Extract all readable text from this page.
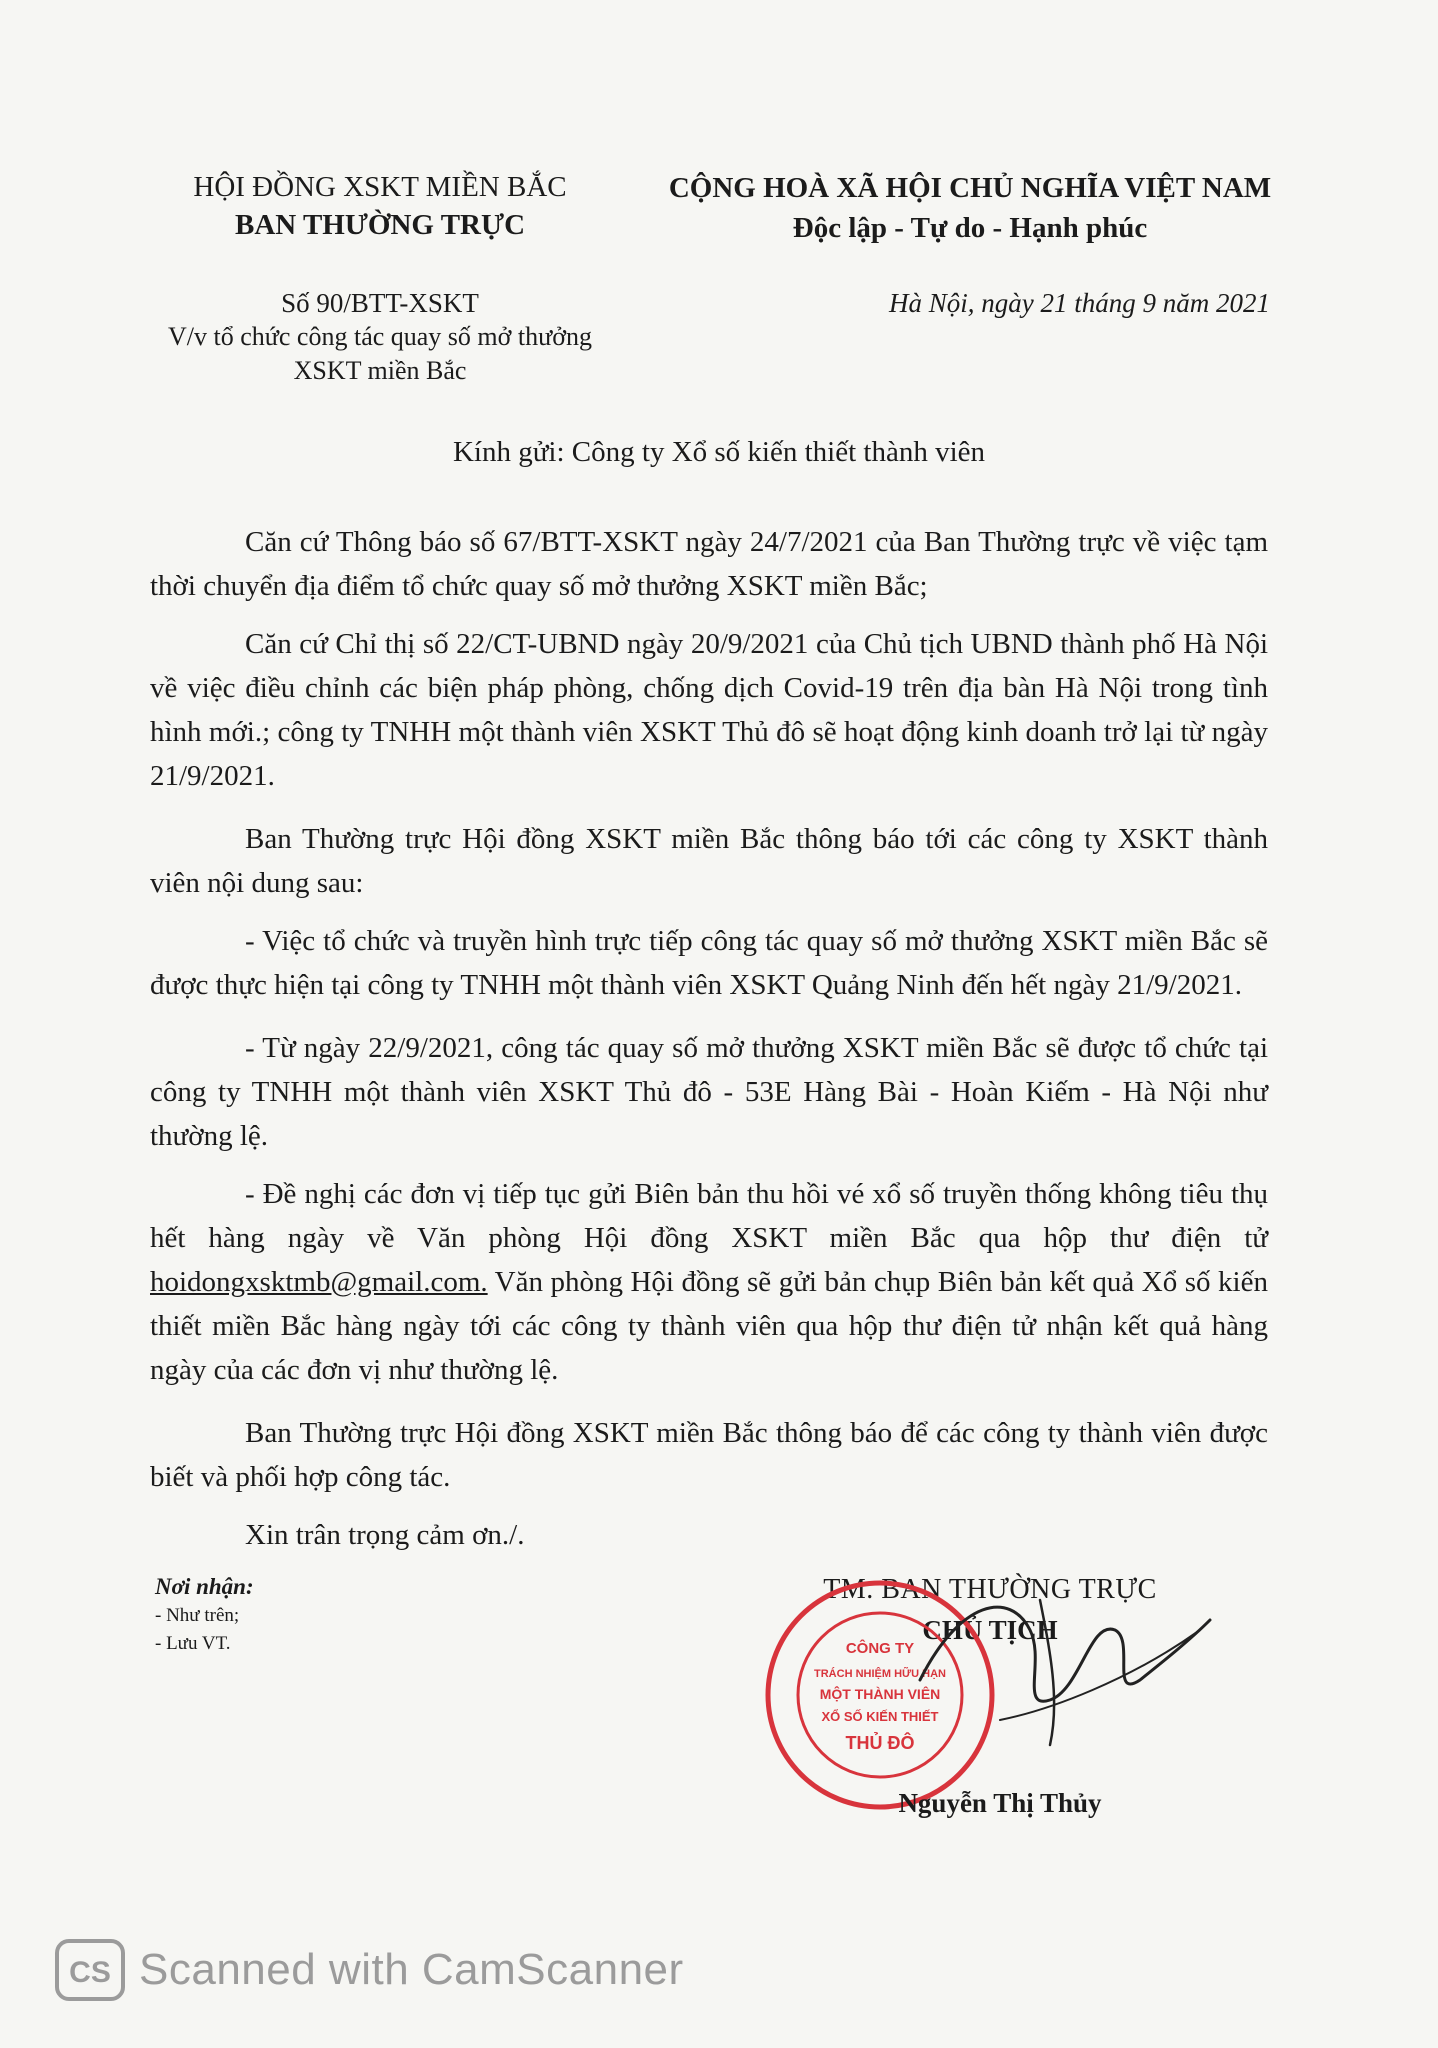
HỘI ĐỒNG XSKT MIỀN BẮC
BAN THƯỜNG TRỰC
Số 90/BTT-XSKT
V/v tổ chức công tác quay số mở thưởng
XSKT miền Bắc
CỘNG HOÀ XÃ HỘI CHỦ NGHĨA VIỆT NAM
Độc lập - Tự do - Hạnh phúc
Hà Nội, ngày 21 tháng 9 năm 2021
Kính gửi: Công ty Xổ số kiến thiết thành viên

Căn cứ Thông báo số 67/BTT-XSKT ngày 24/7/2021 của Ban Thường trực về việc tạm thời chuyển địa điểm tổ chức quay số mở thưởng XSKT miền Bắc;

Căn cứ Chỉ thị số 22/CT-UBND ngày 20/9/2021 của Chủ tịch UBND thành phố Hà Nội về việc điều chỉnh các biện pháp phòng, chống dịch Covid-19 trên địa bàn Hà Nội trong tình hình mới.; công ty TNHH một thành viên XSKT Thủ đô sẽ hoạt động kinh doanh trở lại từ ngày 21/9/2021.

Ban Thường trực Hội đồng XSKT miền Bắc thông báo tới các công ty XSKT thành viên nội dung sau:

- Việc tổ chức và truyền hình trực tiếp công tác quay số mở thưởng XSKT miền Bắc sẽ được thực hiện tại công ty TNHH một thành viên XSKT Quảng Ninh đến hết ngày 21/9/2021.

- Từ ngày 22/9/2021, công tác quay số mở thưởng XSKT miền Bắc sẽ được tổ chức tại công ty TNHH một thành viên XSKT Thủ đô - 53E Hàng Bài - Hoàn Kiếm - Hà Nội như thường lệ.

- Đề nghị các đơn vị tiếp tục gửi Biên bản thu hồi vé xổ số truyền thống không tiêu thụ hết hàng ngày về Văn phòng Hội đồng XSKT miền Bắc qua hộp thư điện tử hoidongxsktmb@gmail.com. Văn phòng Hội đồng sẽ gửi bản chụp Biên bản kết quả Xổ số kiến thiết miền Bắc hàng ngày tới các công ty thành viên qua hộp thư điện tử nhận kết quả hàng ngày của các đơn vị như thường lệ.

Ban Thường trực Hội đồng XSKT miền Bắc thông báo để các công ty thành viên được biết và phối hợp công tác.

Xin trân trọng cảm ơn./.

Nơi nhận:
- Như trên;
- Lưu VT.
TM. BAN THƯỜNG TRỰC
CHỦ TỊCH
CÔNG TY
TRÁCH NHIỆM HỮU HẠN
MỘT THÀNH VIÊN
XỔ SỐ KIẾN THIẾT
THỦ ĐÔ
Nguyễn Thị Thủy
CS Scanned with CamScanner
